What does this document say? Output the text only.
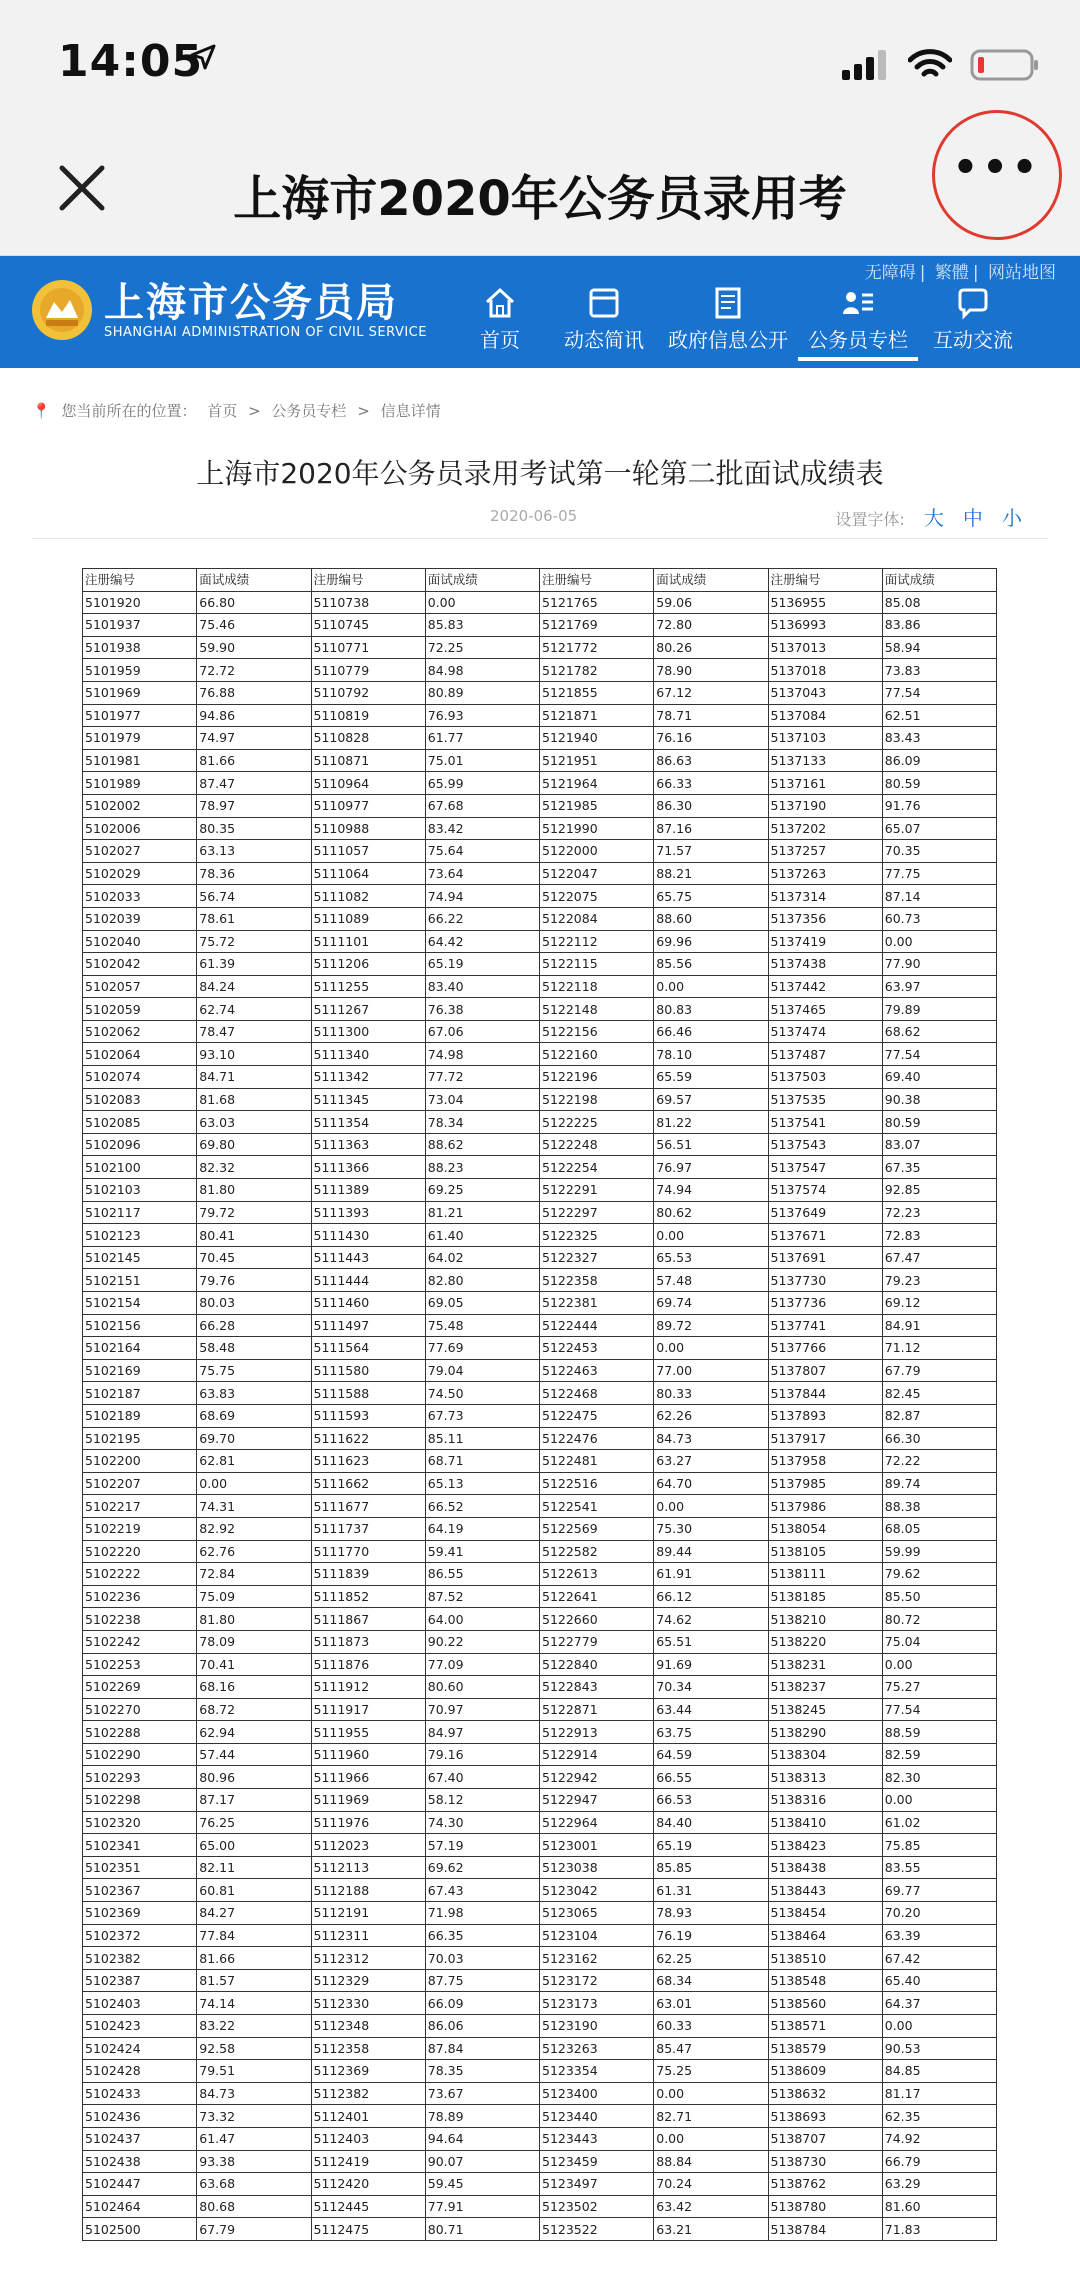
14:05
上海市2020年公务员录用考
•••
无障碍 | 繁體 | 网站地图
上海市公务员局
SHANGHAI ADMINISTRATION OF CIVIL SERVICE	首页 动态简讯 政府信息公开 公务员专栏 互动交流
📍 您当前所在的位置： 首页 > 公务员专栏 > 信息详情
上海市2020年公务员录用考试第一轮第二批面试成绩表
2020-06-05	设置字体: 大 中 小
注册编号	面试成绩	注册编号	面试成绩	注册编号	面试成绩	注册编号	面试成绩
5101920	66.80	5110738	0.00	5121765	59.06	5136955	85.08
5101937	75.46	5110745	85.83	5121769	72.80	5136993	83.86
5101938	59.90	5110771	72.25	5121772	80.26	5137013	58.94
5101959	72.72	5110779	84.98	5121782	78.90	5137018	73.83
5101969	76.88	5110792	80.89	5121855	67.12	5137043	77.54
5101977	94.86	5110819	76.93	5121871	78.71	5137084	62.51
5101979	74.97	5110828	61.77	5121940	76.16	5137103	83.43
5101981	81.66	5110871	75.01	5121951	86.63	5137133	86.09
5101989	87.47	5110964	65.99	5121964	66.33	5137161	80.59
5102002	78.97	5110977	67.68	5121985	86.30	5137190	91.76
5102006	80.35	5110988	83.42	5121990	87.16	5137202	65.07
5102027	63.13	5111057	75.64	5122000	71.57	5137257	70.35
5102029	78.36	5111064	73.64	5122047	88.21	5137263	77.75
5102033	56.74	5111082	74.94	5122075	65.75	5137314	87.14
5102039	78.61	5111089	66.22	5122084	88.60	5137356	60.73
5102040	75.72	5111101	64.42	5122112	69.96	5137419	0.00
5102042	61.39	5111206	65.19	5122115	85.56	5137438	77.90
5102057	84.24	5111255	83.40	5122118	0.00	5137442	63.97
5102059	62.74	5111267	76.38	5122148	80.83	5137465	79.89
5102062	78.47	5111300	67.06	5122156	66.46	5137474	68.62
5102064	93.10	5111340	74.98	5122160	78.10	5137487	77.54
5102074	84.71	5111342	77.72	5122196	65.59	5137503	69.40
5102083	81.68	5111345	73.04	5122198	69.57	5137535	90.38
5102085	63.03	5111354	78.34	5122225	81.22	5137541	80.59
5102096	69.80	5111363	88.62	5122248	56.51	5137543	83.07
5102100	82.32	5111366	88.23	5122254	76.97	5137547	67.35
5102103	81.80	5111389	69.25	5122291	74.94	5137574	92.85
5102117	79.72	5111393	81.21	5122297	80.62	5137649	72.23
5102123	80.41	5111430	61.40	5122325	0.00	5137671	72.83
5102145	70.45	5111443	64.02	5122327	65.53	5137691	67.47
5102151	79.76	5111444	82.80	5122358	57.48	5137730	79.23
5102154	80.03	5111460	69.05	5122381	69.74	5137736	69.12
5102156	66.28	5111497	75.48	5122444	89.72	5137741	84.91
5102164	58.48	5111564	77.69	5122453	0.00	5137766	71.12
5102169	75.75	5111580	79.04	5122463	77.00	5137807	67.79
5102187	63.83	5111588	74.50	5122468	80.33	5137844	82.45
5102189	68.69	5111593	67.73	5122475	62.26	5137893	82.87
5102195	69.70	5111622	85.11	5122476	84.73	5137917	66.30
5102200	62.81	5111623	68.71	5122481	63.27	5137958	72.22
5102207	0.00	5111662	65.13	5122516	64.70	5137985	89.74
5102217	74.31	5111677	66.52	5122541	0.00	5137986	88.38
5102219	82.92	5111737	64.19	5122569	75.30	5138054	68.05
5102220	62.76	5111770	59.41	5122582	89.44	5138105	59.99
5102222	72.84	5111839	86.55	5122613	61.91	5138111	79.62
5102236	75.09	5111852	87.52	5122641	66.12	5138185	85.50
5102238	81.80	5111867	64.00	5122660	74.62	5138210	80.72
5102242	78.09	5111873	90.22	5122779	65.51	5138220	75.04
5102253	70.41	5111876	77.09	5122840	91.69	5138231	0.00
5102269	68.16	5111912	80.60	5122843	70.34	5138237	75.27
5102270	68.72	5111917	70.97	5122871	63.44	5138245	77.54
5102288	62.94	5111955	84.97	5122913	63.75	5138290	88.59
5102290	57.44	5111960	79.16	5122914	64.59	5138304	82.59
5102293	80.96	5111966	67.40	5122942	66.55	5138313	82.30
5102298	87.17	5111969	58.12	5122947	66.53	5138316	0.00
5102320	76.25	5111976	74.30	5122964	84.40	5138410	61.02
5102341	65.00	5112023	57.19	5123001	65.19	5138423	75.85
5102351	82.11	5112113	69.62	5123038	85.85	5138438	83.55
5102367	60.81	5112188	67.43	5123042	61.31	5138443	69.77
5102369	84.27	5112191	71.98	5123065	78.93	5138454	70.20
5102372	77.84	5112311	66.35	5123104	76.19	5138464	63.39
5102382	81.66	5112312	70.03	5123162	62.25	5138510	67.42
5102387	81.57	5112329	87.75	5123172	68.34	5138548	65.40
5102403	74.14	5112330	66.09	5123173	63.01	5138560	64.37
5102423	83.22	5112348	86.06	5123190	60.33	5138571	0.00
5102424	92.58	5112358	87.84	5123263	85.47	5138579	90.53
5102428	79.51	5112369	78.35	5123354	75.25	5138609	84.85
5102433	84.73	5112382	73.67	5123400	0.00	5138632	81.17
5102436	73.32	5112401	78.89	5123440	82.71	5138693	62.35
5102437	61.47	5112403	94.64	5123443	0.00	5138707	74.92
5102438	93.38	5112419	90.07	5123459	88.84	5138730	66.79
5102447	63.68	5112420	59.45	5123497	70.24	5138762	63.29
5102464	80.68	5112445	77.91	5123502	63.42	5138780	81.60
5102500	67.79	5112475	80.71	5123522	63.21	5138784	71.83
